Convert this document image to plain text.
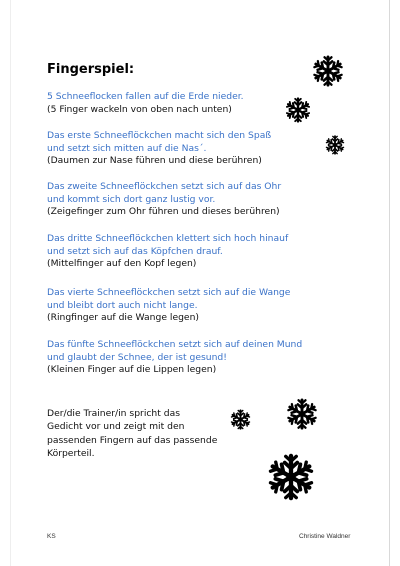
Fingerspiel:
5 Schneeflocken fallen auf die Erde nieder.
(5 Finger wackeln von oben nach unten)
Das erste Schneeflöckchen macht sich den Spaß
und setzt sich mitten auf die Nas´.
(Daumen zur Nase führen und diese berühren)
Das zweite Schneeflöckchen setzt sich auf das Ohr
und kommt sich dort ganz lustig vor.
(Zeigefinger zum Ohr führen und dieses berühren)
Das dritte Schneeflöckchen klettert sich hoch hinauf
und setzt sich auf das Köpfchen drauf.
(Mittelfinger auf den Kopf legen)
Das vierte Schneeflöckchen setzt sich auf die Wange
und bleibt dort auch nicht lange.
(Ringfinger auf die Wange legen)
Das fünfte Schneeflöckchen setzt sich auf deinen Mund
und glaubt der Schnee, der ist gesund!
(Kleinen Finger auf die Lippen legen)
Der/die Trainer/in spricht das
Gedicht vor und zeigt mit den
passenden Fingern auf das passende
Körperteil.
KS	Christine Waldner
